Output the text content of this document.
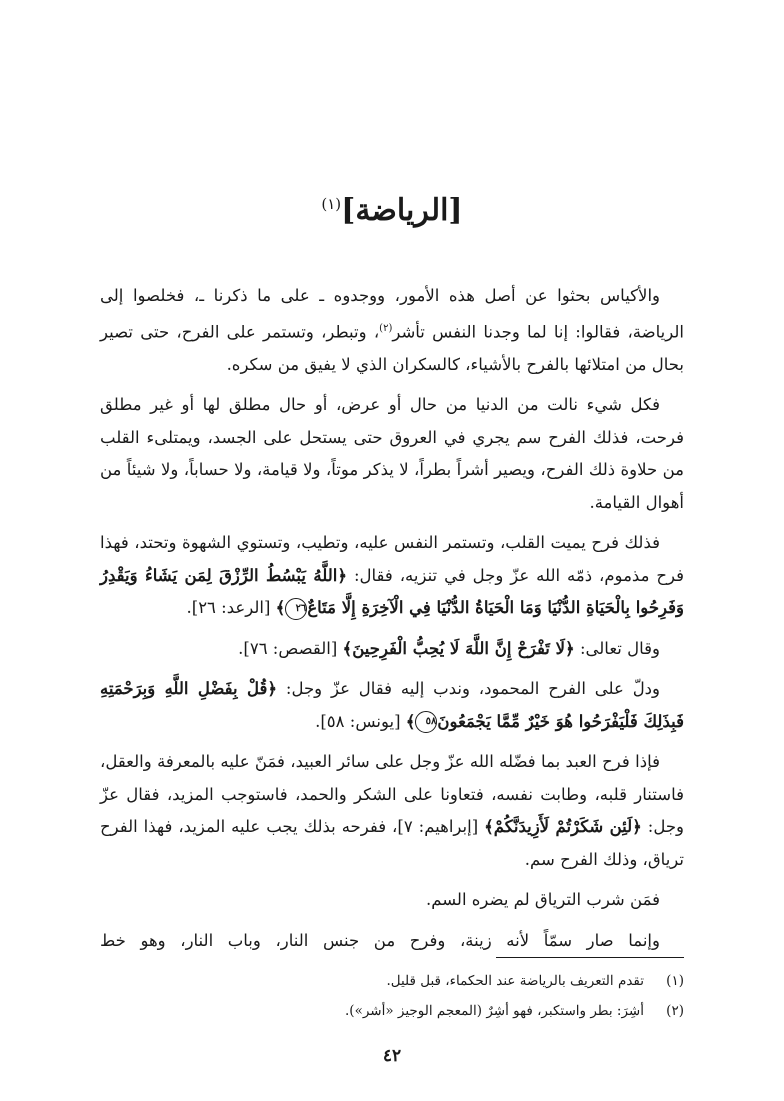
[الرياضة]$^{(١)}$

والأكياس بحثوا عن أصل هذه الأمور، ووجدوه ـ على ما ذكرنا ـ، فخلصوا إلى الرياضة، فقالوا: إنا لما وجدنا النفس تأشر$^{(٢)}$، وتبطر، وتستمر على الفرح، حتى تصير بحال من امتلائها بالفرح بالأشياء، كالسكران الذي لا يفيق من سكره.

فكل شيء نالت من الدنيا من حال أو عرض، أو حال مطلق لها أو غير مطلق فرحت، فذلك الفرح سم يجري في العروق حتى يستحل على الجسد، ويمتلىء القلب من حلاوة ذلك الفرح، ويصير أشراً بطراً، لا يذكر موتاً، ولا قيامة، ولا حساباً، ولا شيئاً من أهوال القيامة.

فذلك فرح يميت القلب، وتستمر النفس عليه، وتطيب، وتستوي الشهوة وتحتد، فهذا فرح مذموم، ذمّه الله عزّ وجل في تنزيه، فقال: ﴿اللَّهُ يَبْسُطُ الرِّزْقَ لِمَن يَشَاءُ وَيَقْدِرُ وَفَرِحُوا بِالْحَيَاةِ الدُّنْيَا وَمَا الْحَيَاةُ الدُّنْيَا فِي الْآخِرَةِ إِلَّا مَتَاعٌ٢٦﴾ [الرعد: ٢٦].

وقال تعالى: ﴿لَا تَفْرَحْ إِنَّ اللَّهَ لَا يُحِبُّ الْفَرِحِينَ﴾ [القصص: ٧٦].

ودلّ على الفرح المحمود، وندب إليه فقال عزّ وجل: ﴿قُلْ بِفَضْلِ اللَّهِ وَبِرَحْمَتِهِ فَبِذَلِكَ فَلْيَفْرَحُوا هُوَ خَيْرٌ مِّمَّا يَجْمَعُونَ٥٨﴾ [يونس: ٥٨].

فإذا فرح العبد بما فضّله الله عزّ وجل على سائر العبيد، فمَنّ عليه بالمعرفة والعقل، فاستنار قلبه، وطابت نفسه، فتعاونا على الشكر والحمد، فاستوجب المزيد، فقال عزّ وجل: ﴿لَئِن شَكَرْتُمْ لَأَزِيدَنَّكُمْ﴾ [إبراهيم: ٧]، ففرحه بذلك يجب عليه المزيد، فهذا الفرح ترياق، وذلك الفرح سم.

فمَن شرب الترياق لم يضره السم.

وإنما صار سمّاً لأنه زينة، وفرح من جنس النار، وباب النار، وهو خط

(١)
تقدم التعريف بالرياضة عند الحكماء، قبل قليل.
(٢)
أشِرَ: بطر واستكبر، فهو أشِرٌ (المعجم الوجيز «أشر»).
٤٢
